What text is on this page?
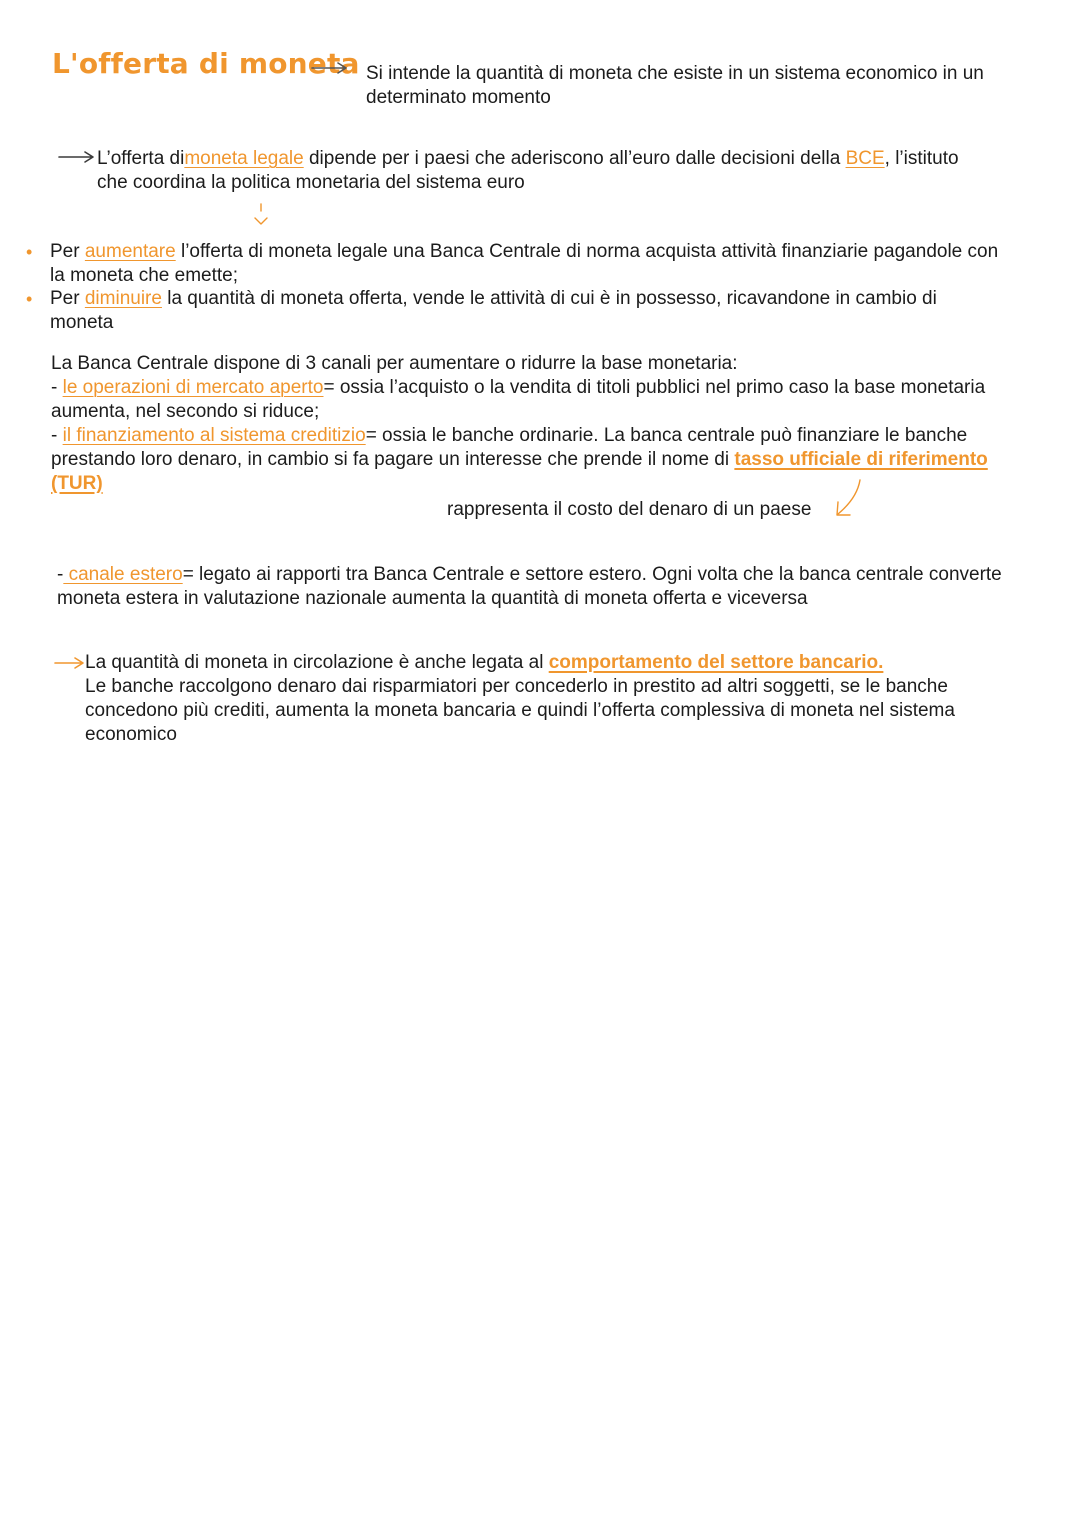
L'offerta di moneta Si intende la quantità di moneta che esiste in un sistema economico in un
determinato momento
L’offerta dimoneta legale dipende per i paesi che aderiscono all’euro dalle decisioni della BCE, l’istituto
che coordina la politica monetaria del sistema euro
• Per aumentare l’offerta di moneta legale una Banca Centrale di norma acquista attività finanziarie pagandole con
la moneta che emette;
• Per diminuire la quantità di moneta offerta, vende le attività di cui è in possesso, ricavandone in cambio di
moneta
La Banca Centrale dispone di 3 canali per aumentare o ridurre la base monetaria:
- le operazioni di mercato aperto= ossia l’acquisto o la vendita di titoli pubblici nel primo caso la base monetaria
aumenta, nel secondo si riduce;
- il finanziamento al sistema creditizio= ossia le banche ordinarie. La banca centrale può finanziare le banche
prestando loro denaro, in cambio si fa pagare un interesse che prende il nome di tasso ufficiale di riferimento
(TUR)
rappresenta il costo del denaro di un paese
- canale estero= legato ai rapporti tra Banca Centrale e settore estero. Ogni volta che la banca centrale converte
moneta estera in valutazione nazionale aumenta la quantità di moneta offerta e viceversa
La quantità di moneta in circolazione è anche legata al comportamento del settore bancario.
Le banche raccolgono denaro dai risparmiatori per concederlo in prestito ad altri soggetti, se le banche
concedono più crediti, aumenta la moneta bancaria e quindi l’offerta complessiva di moneta nel sistema
economico
